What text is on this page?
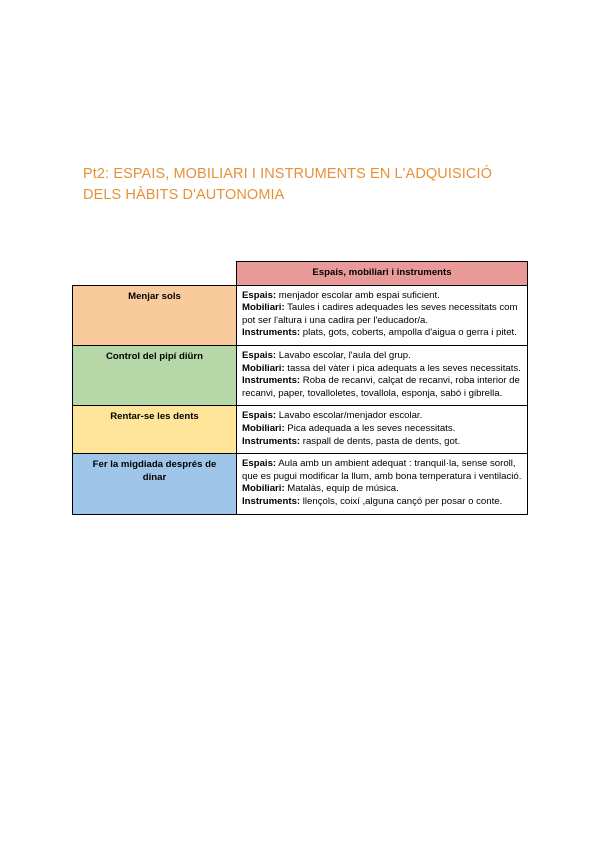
Pt2: ESPAIS, MOBILIARI I INSTRUMENTS EN L'ADQUISICIÓ DELS HÀBITS D'AUTONOMIA
	Espais, mobiliari i instruments
Menjar sols	Espais: menjador escolar amb espai suficient.
Mobiliari: Taules i cadires adequades les seves necessitats com pot ser l'altura i una cadira per l'educador/a.
Instruments: plats, gots, coberts, ampolla d'aigua o gerra i pitet.

Control del pipí diürn	Espais: Lavabo escolar, l'aula del grup.
Mobiliari: tassa del vàter i pica adequats a les seves necessitats.
Instruments: Roba de recanvi, calçat de recanvi, roba interior de recanvi, paper, tovalloletes, tovallola, esponja, sabó i gibrella.

Rentar-se les dents	Espais: Lavabo escolar/menjador escolar.
Mobiliari: Pica adequada a les seves necessitats.
Instruments: raspall de dents, pasta de dents, got.

Fer la migdiada després de dinar	Espais: Aula amb un ambient adequat : tranquil·la, sense soroll, que es pugui modificar la llum, amb bona temperatura i ventilació.
Mobiliari: Matalàs, equip de música.
Instruments: llençols, coixí ,alguna cançó per posar o conte.
